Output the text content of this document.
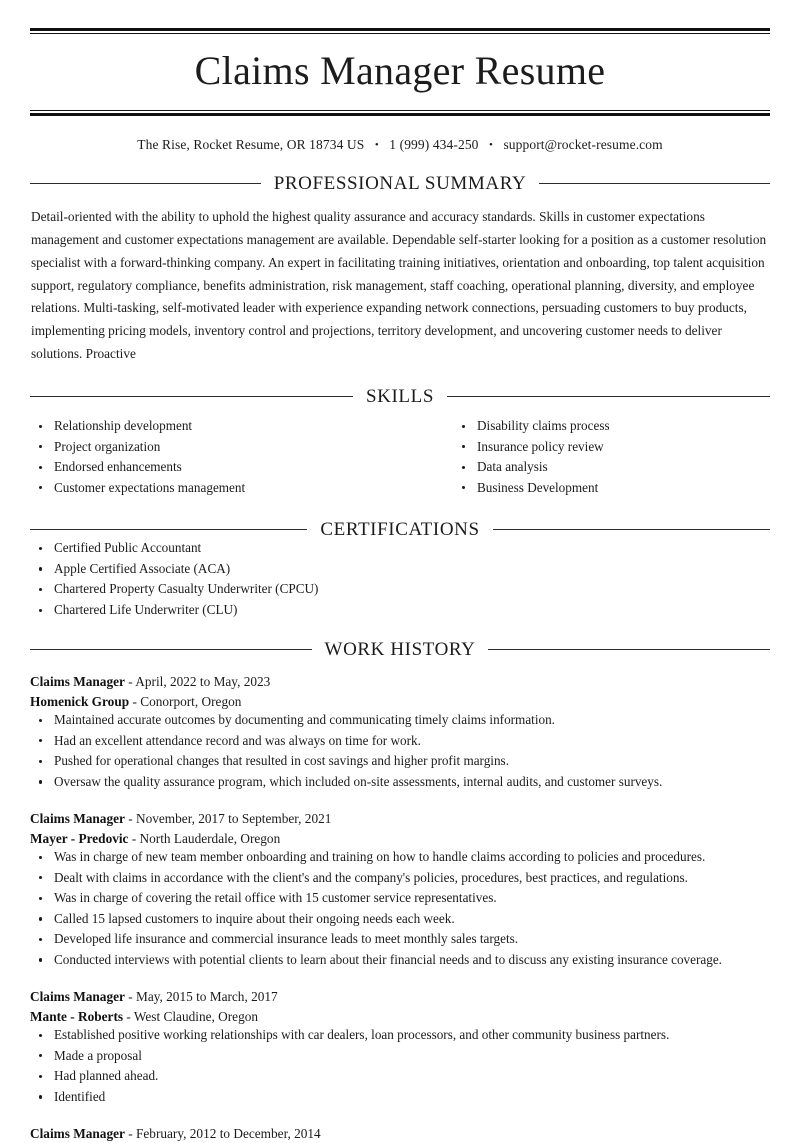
Claims Manager Resume
The Rise, Rocket Resume, OR 18734 US • 1 (999) 434-250 • support@rocket-resume.com
PROFESSIONAL SUMMARY

Detail-oriented with the ability to uphold the highest quality assurance and accuracy standards. Skills in customer expectations management and customer expectations management are available. Dependable self-starter looking for a position as a customer resolution specialist with a forward-thinking company. An expert in facilitating training initiatives, orientation and onboarding, top talent acquisition support, regulatory compliance, benefits administration, risk management, staff coaching, operational planning, diversity, and employee relations. Multi-tasking, self-motivated leader with experience expanding network connections, persuading customers to buy products, implementing pricing models, inventory control and projections, territory development, and uncovering customer needs to deliver solutions. Proactive

SKILLS
Relationship development
Project organization
Endorsed enhancements
Customer expectations management
Disability claims process
Insurance policy review
Data analysis
Business Development
CERTIFICATIONS
Certified Public Accountant
Apple Certified Associate (ACA)
Chartered Property Casualty Underwriter (CPCU)
Chartered Life Underwriter (CLU)
WORK HISTORY
Claims Manager - April, 2022 to May, 2023
Homenick Group - Conorport, Oregon
Maintained accurate outcomes by documenting and communicating timely claims information.
Had an excellent attendance record and was always on time for work.
Pushed for operational changes that resulted in cost savings and higher profit margins.
Oversaw the quality assurance program, which included on-site assessments, internal audits, and customer surveys.
Claims Manager - November, 2017 to September, 2021
Mayer - Predovic - North Lauderdale, Oregon
Was in charge of new team member onboarding and training on how to handle claims according to policies and procedures.
Dealt with claims in accordance with the client's and the company's policies, procedures, best practices, and regulations.
Was in charge of covering the retail office with 15 customer service representatives.
Called 15 lapsed customers to inquire about their ongoing needs each week.
Developed life insurance and commercial insurance leads to meet monthly sales targets.
Conducted interviews with potential clients to learn about their financial needs and to discuss any existing insurance coverage.
Claims Manager - May, 2015 to March, 2017
Mante - Roberts - West Claudine, Oregon
Established positive working relationships with car dealers, loan processors, and other community business partners.
Made a proposal
Had planned ahead.
Identified
Claims Manager - February, 2012 to December, 2014
